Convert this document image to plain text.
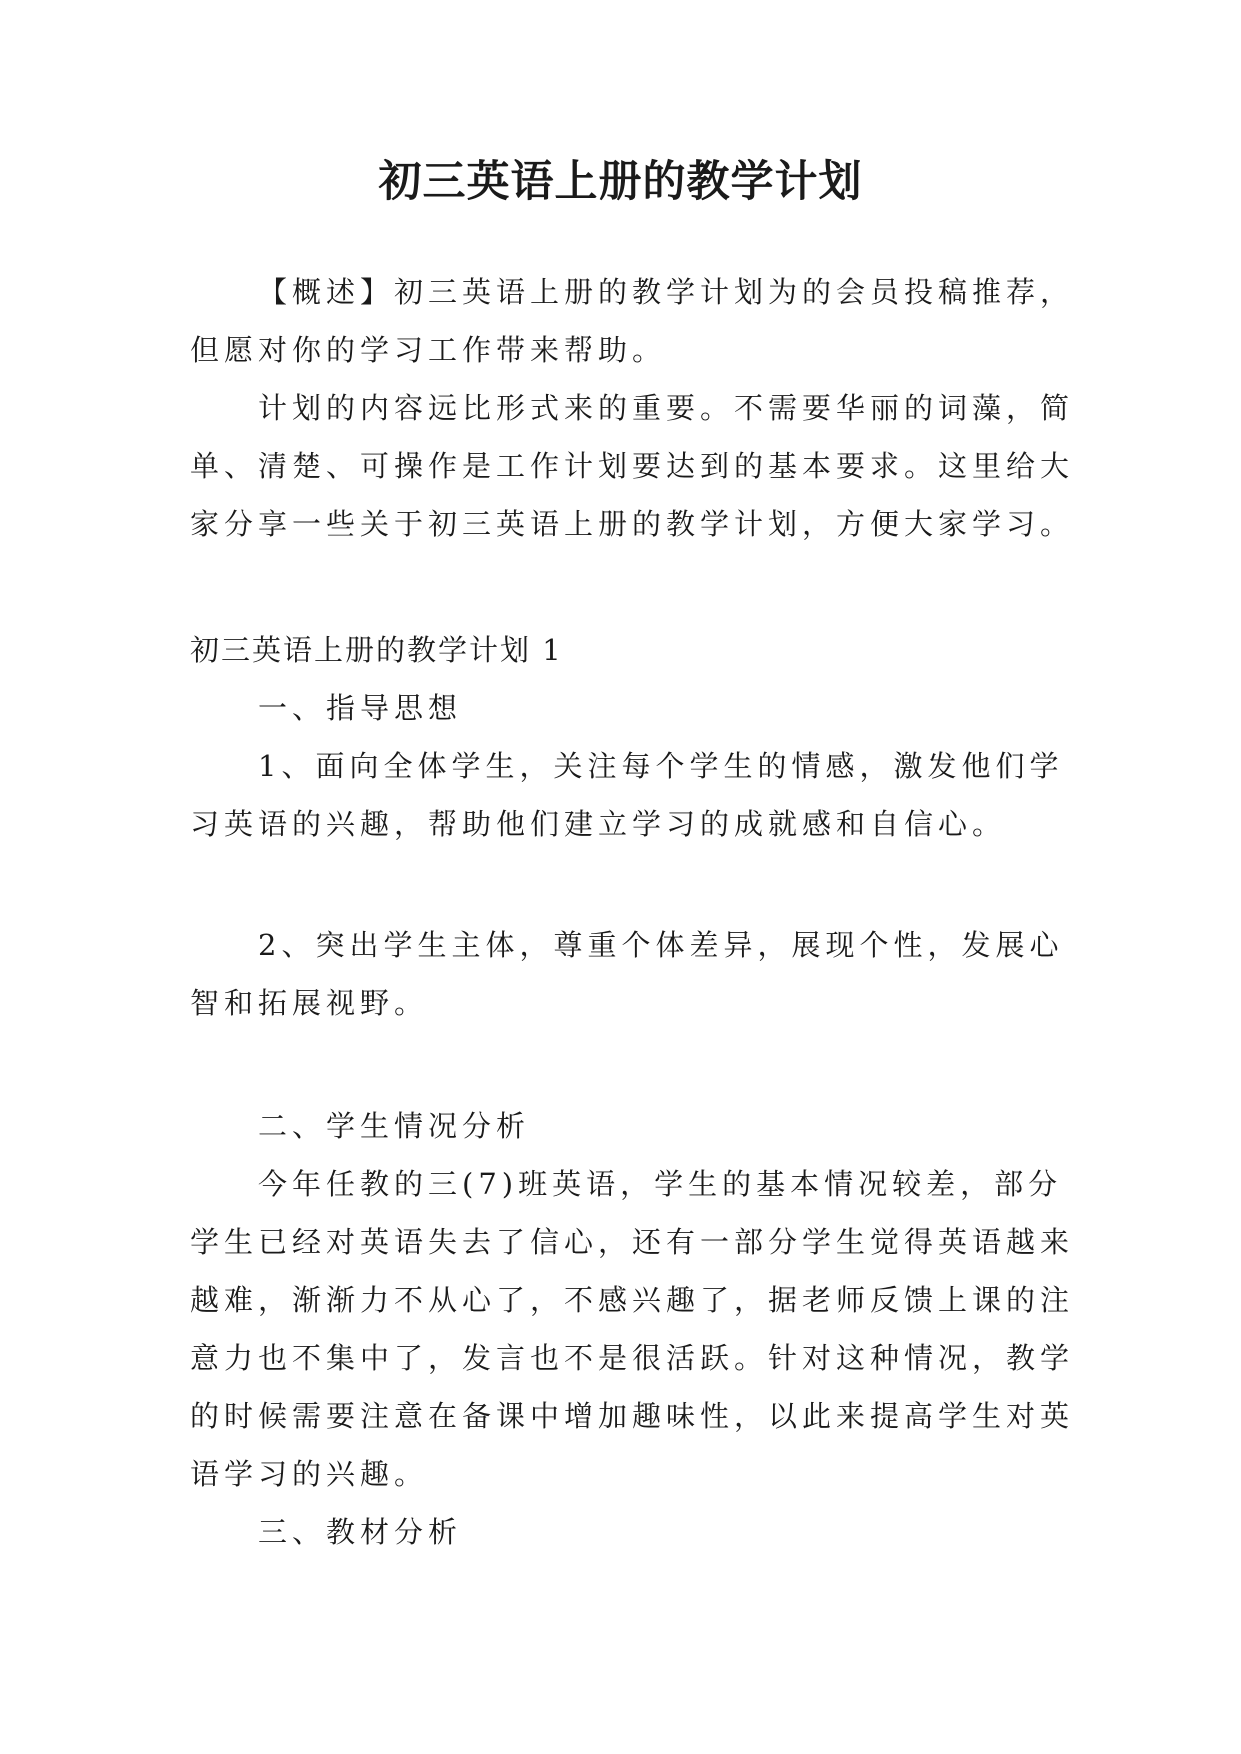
初三英语上册的教学计划
【概述】初三英语上册的教学计划为的会员投稿推荐，
但愿对你的学习工作带来帮助。
计划的内容远比形式来的重要。不需要华丽的词藻，简
单、清楚、可操作是工作计划要达到的基本要求。这里给大
家分享一些关于初三英语上册的教学计划，方便大家学习。
初三英语上册的教学计划 1
一、指导思想
1、面向全体学生，关注每个学生的情感，激发他们学
习英语的兴趣，帮助他们建立学习的成就感和自信心。
2、突出学生主体，尊重个体差异，展现个性，发展心
智和拓展视野。
二、学生情况分析
今年任教的三(7)班英语，学生的基本情况较差，部分
学生已经对英语失去了信心，还有一部分学生觉得英语越来
越难，渐渐力不从心了，不感兴趣了，据老师反馈上课的注
意力也不集中了，发言也不是很活跃。针对这种情况，教学
的时候需要注意在备课中增加趣味性，以此来提高学生对英
语学习的兴趣。
三、教材分析
